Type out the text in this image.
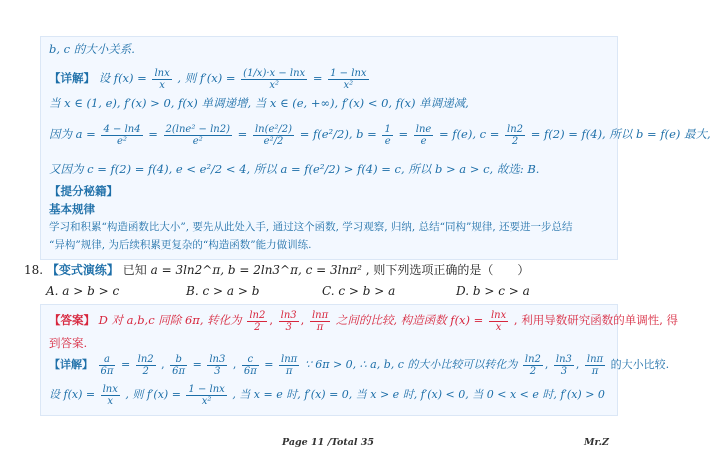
b, c 的大小关系.
【详解】 设 $f(x) = \frac{\ln x}{x}$ , 则 $f'(x) = \frac{(1/x)\cdot x - \ln x}{\text{x²}} = \frac{1 - \ln x}{\text{x²}}$
当 x ∈ (1, e), f′(x) > 0, f(x) 单调递增, 当 x ∈ (e, +∞), f′(x) < 0, f(x) 单调递减,
因为 $a = \frac{4 - \ln 4}{\text{e²}} = \frac{\text{2(lne² − ln2)}}{\text{e²}} = \frac{\text{ln(e²/2)}}{\text{e²/2}} = f(e^2/2)$, $b = \frac{1}{e} = \frac{\ln e}{e} = f(e)$, $c = \frac{\ln 2}{2} = f(2) = f(4)$, 所以 b = f(e) 最大,
又因为 c = f(2) = f(4), e < e²/2 < 4, 所以 a = f(e²/2) > f(4) = c, 所以 b > a > c, 故选: B.
【提分秘籍】
基本规律
学习和积累“构造函数比大小”, 要先从此处入手, 通过这个函数, 学习观察, 归纳, 总结“同构”规律, 还要进一步总结
“异构”规律, 为后续积累更复杂的“构造函数”能力做训练.
18. 【变式演练】 已知 a = 3ln2^π, b = 2ln3^π, c = 3lnπ² , 则下列选项正确的是（　　）
A. a > b > c	B. c > a > b	C. c > b > a	D. b > c > a
【答案】 D 对 a,b,c 同除 6π, 转化为 $\frac{\ln 2}{2}$ , $\frac{\ln 3}{3}$ , $\frac{\ln\pi}{\pi}$ 之间的比较, 构造函数 $f(x) = \frac{\ln x}{x}$ , 利用导数研究函数的单调性, 得
到答案.
【详解】 $\frac{a}{6\pi} = \frac{\ln 2}{2}$ , $\frac{b}{6\pi} = \frac{\ln 3}{3}$ , $\frac{c}{6\pi} = \frac{\ln\pi}{\pi}$ ∵ 6π > 0, ∴ a, b, c 的大小比较可以转化为 $\frac{\ln 2}{2}$ , $\frac{\ln 3}{3}$ , $\frac{\ln\pi}{\pi}$ 的大小比较.
设 $f(x) = \frac{\ln x}{x}$ , 则 $f'(x) = \frac{1 - \ln x}{\text{x²}}$ , 当 x = e 时, f′(x) = 0, 当 x > e 时, f′(x) < 0, 当 0 < x < e 时, f′(x) > 0
Page 11 /Total 35	Mr.Z
